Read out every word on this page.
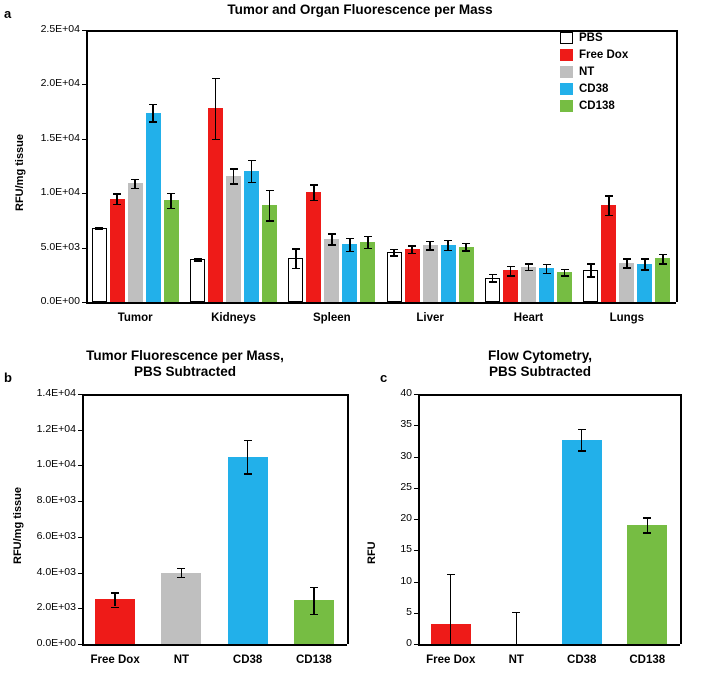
a	Tumor and Organ Fluorescence per Mass
0.0E+00
5.0E+03
1.0E+04
1.5E+04
2.0E+04
2.5E+04
RFU/mg tissue
Tumor	Kidneys	Spleen	Liver	Heart	Lungs
PBS
Free Dox
NT
CD38
CD138
b
Tumor Fluorescence per Mass,
PBS Subtracted
0.0E+00
2.0E+03
4.0E+03
6.0E+03
8.0E+03
1.0E+04
1.2E+04
1.4E+04
RFU/mg tissue
Free Dox	NT	CD38	CD138
c
Flow Cytometry,
PBS Subtracted
0
5
10
15
20
25
30
35
40
RFU
Free Dox	NT	CD38	CD138
